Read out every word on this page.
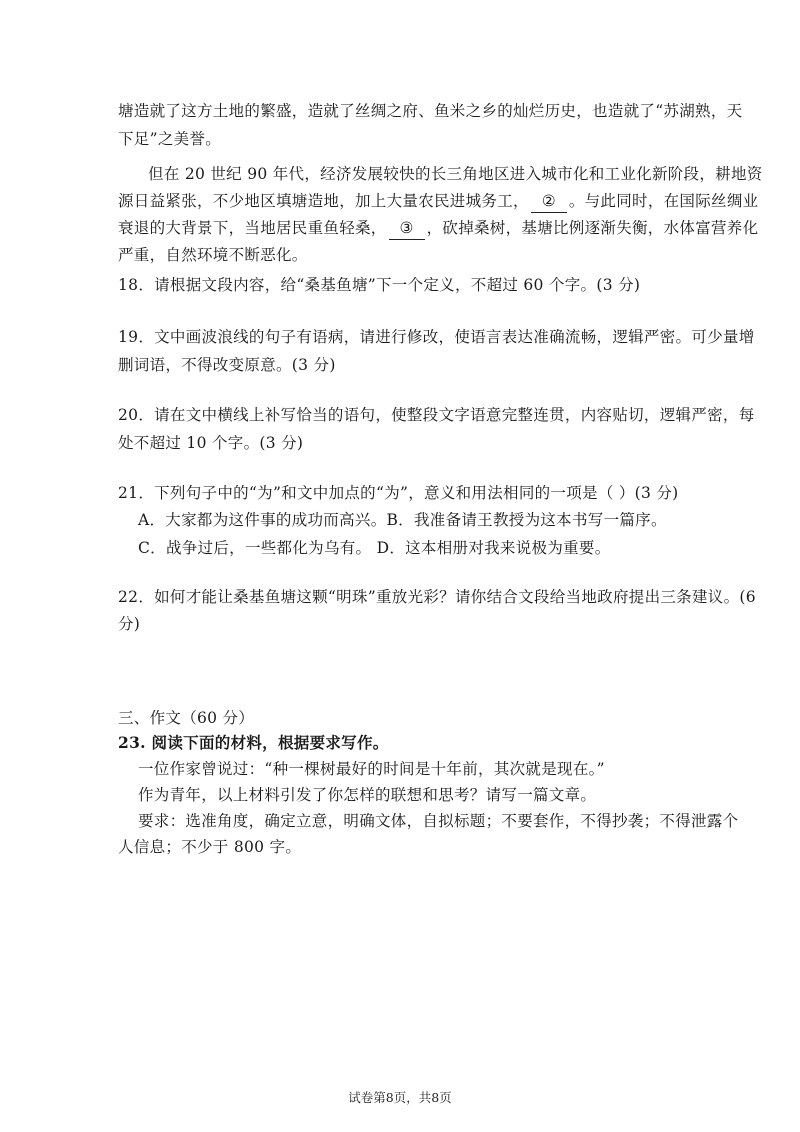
塘造就了这方土地的繁盛，造就了丝绸之府、鱼米之乡的灿烂历史，也造就了“苏湖熟，天
下足”之美誉。
但在 20 世纪 90 年代，经济发展较快的长三角地区进入城市化和工业化新阶段，耕地资
源日益紧张，不少地区填塘造地，加上大量农民进城务工， ② 。与此同时，在国际丝绸业
衰退的大背景下，当地居民重鱼轻桑， ③ ，砍掉桑树，基塘比例逐渐失衡，水体富营养化
严重，自然环境不断恶化。
18．请根据文段内容，给“桑基鱼塘”下一个定义，不超过 60 个字。(3 分)
19．文中画波浪线的句子有语病，请进行修改，使语言表达准确流畅，逻辑严密。可少量增
删词语，不得改变原意。(3 分)
20．请在文中横线上补写恰当的语句，使整段文字语意完整连贯，内容贴切，逻辑严密，每
处不超过 10 个字。(3 分)
21．下列句子中的“为”和文中加点的“为”，意义和用法相同的一项是（ ）(3 分)
A．大家都为这件事的成功而高兴。B．我准备请王教授为这本书写一篇序。
C．战争过后，一些都化为乌有。 D．这本相册对我来说极为重要。
22．如何才能让桑基鱼塘这颗“明珠”重放光彩？请你结合文段给当地政府提出三条建议。(6
分)
三、作文（60 分）
23. 阅读下面的材料，根据要求写作。
一位作家曾说过：“种一棵树最好的时间是十年前，其次就是现在。”
作为青年，以上材料引发了你怎样的联想和思考？请写一篇文章。
要求：选准角度，确定立意，明确文体，自拟标题；不要套作，不得抄袭；不得泄露个
人信息；不少于 800 字。
试卷第8页，共8页
